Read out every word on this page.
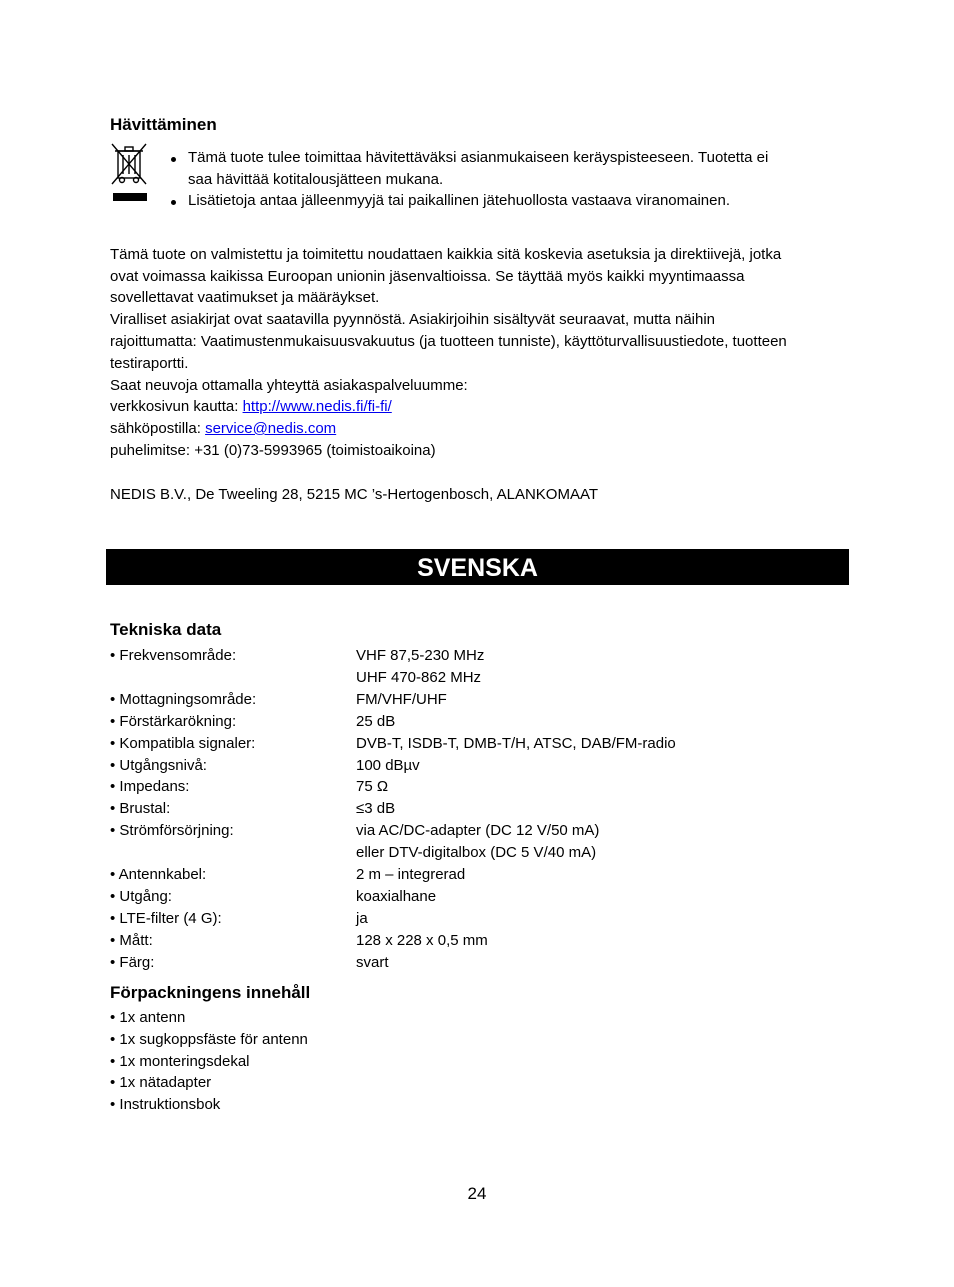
Hävittäminen
Tämä tuote tulee toimittaa hävitettäväksi asianmukaiseen keräyspisteeseen. Tuotetta ei
saa hävittää kotitalousjätteen mukana.
Lisätietoja antaa jälleenmyyjä tai paikallinen jätehuollosta vastaava viranomainen.
Tämä tuote on valmistettu ja toimitettu noudattaen kaikkia sitä koskevia asetuksia ja direktiivejä, jotka
ovat voimassa kaikissa Euroopan unionin jäsenvaltioissa. Se täyttää myös kaikki myyntimaassa
sovellettavat vaatimukset ja määräykset.
Viralliset asiakirjat ovat saatavilla pyynnöstä. Asiakirjoihin sisältyvät seuraavat, mutta näihin
rajoittumatta: Vaatimustenmukaisuusvakuutus (ja tuotteen tunniste), käyttöturvallisuustiedote, tuotteen
testiraportti.
Saat neuvoja ottamalla yhteyttä asiakaspalveluumme:
verkkosivun kautta: http://www.nedis.fi/fi-fi/
sähköpostilla: service@nedis.com
puhelimitse: +31 (0)73-5993965 (toimistoaikoina)
NEDIS B.V., De Tweeling 28, 5215 MC ’s-Hertogenbosch, ALANKOMAAT
SVENSKA
Tekniska data
• Frekvensområde:	VHF 87,5-230 MHz
UHF 470-862 MHz
• Mottagningsområde:	FM/VHF/UHF
• Förstärkarökning:	25 dB
• Kompatibla signaler:	DVB-T, ISDB-T, DMB-T/H, ATSC, DAB/FM-radio
• Utgångsnivå:	100 dBµv
• Impedans:	75 Ω
• Brustal:	≤3 dB
• Strömförsörjning:	via AC/DC-adapter (DC 12 V/50 mA)
eller DTV-digitalbox (DC 5 V/40 mA)
• Antennkabel:	2 m – integrerad
• Utgång:	koaxialhane
• LTE-filter (4 G):	ja
• Mått:	128 x 228 x 0,5 mm
• Färg:	svart
Förpackningens innehåll
• 1x antenn
• 1x sugkoppsfäste för antenn
• 1x monteringsdekal
• 1x nätadapter
• Instruktionsbok
24
